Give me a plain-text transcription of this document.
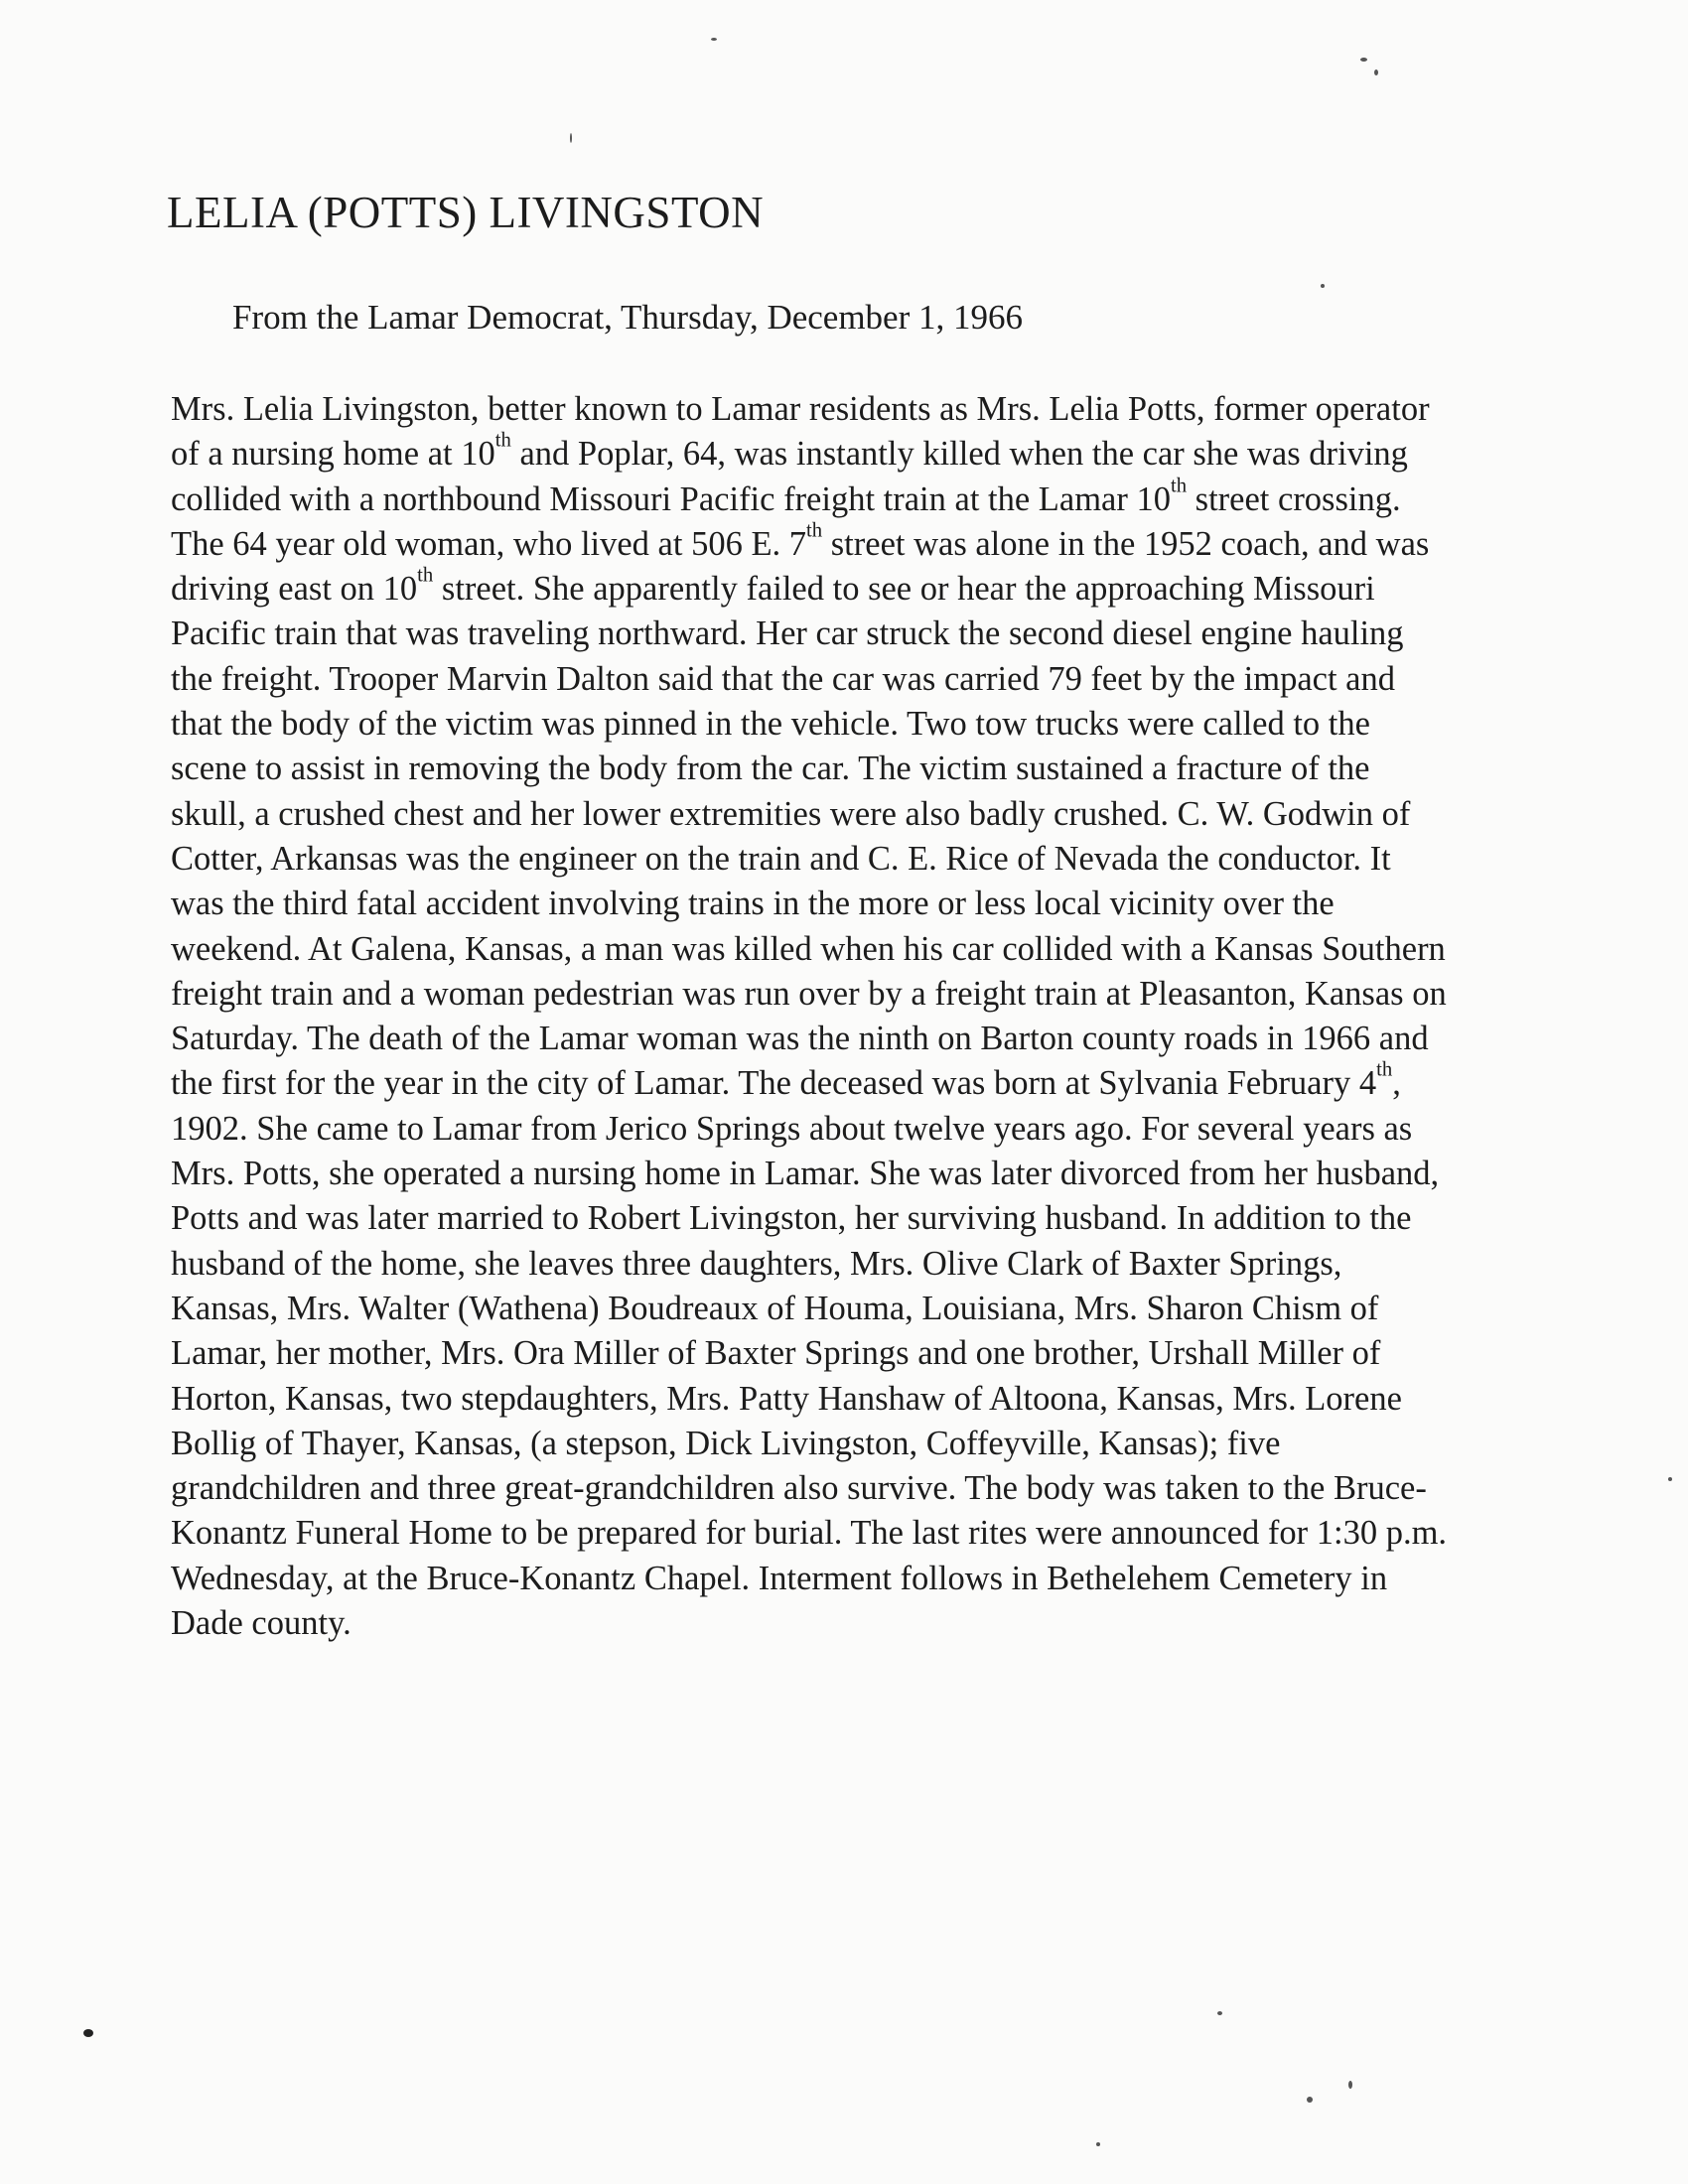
LELIA (POTTS) LIVINGSTON

From the Lamar Democrat, Thursday, December 1, 1966

Mrs. Lelia Livingston, better known to Lamar residents as Mrs. Lelia Potts, former operator
of a nursing home at 10th and Poplar, 64, was instantly killed when the car she was driving
collided with a northbound Missouri Pacific freight train at the Lamar 10th street crossing.
The 64 year old woman, who lived at 506 E. 7th street was alone in the 1952 coach, and was
driving east on 10th street. She apparently failed to see or hear the approaching Missouri
Pacific train that was traveling northward. Her car struck the second diesel engine hauling
the freight. Trooper Marvin Dalton said that the car was carried 79 feet by the impact and
that the body of the victim was pinned in the vehicle. Two tow trucks were called to the
scene to assist in removing the body from the car. The victim sustained a fracture of the
skull, a crushed chest and her lower extremities were also badly crushed. C. W. Godwin of
Cotter, Arkansas was the engineer on the train and C. E. Rice of Nevada the conductor. It
was the third fatal accident involving trains in the more or less local vicinity over the
weekend. At Galena, Kansas, a man was killed when his car collided with a Kansas Southern
freight train and a woman pedestrian was run over by a freight train at Pleasanton, Kansas on
Saturday. The death of the Lamar woman was the ninth on Barton county roads in 1966 and
the first for the year in the city of Lamar. The deceased was born at Sylvania February 4th,
1902. She came to Lamar from Jerico Springs about twelve years ago. For several years as
Mrs. Potts, she operated a nursing home in Lamar. She was later divorced from her husband,
Potts and was later married to Robert Livingston, her surviving husband. In addition to the
husband of the home, she leaves three daughters, Mrs. Olive Clark of Baxter Springs,
Kansas, Mrs. Walter (Wathena) Boudreaux of Houma, Louisiana, Mrs. Sharon Chism of
Lamar, her mother, Mrs. Ora Miller of Baxter Springs and one brother, Urshall Miller of
Horton, Kansas, two stepdaughters, Mrs. Patty Hanshaw of Altoona, Kansas, Mrs. Lorene
Bollig of Thayer, Kansas, (a stepson, Dick Livingston, Coffeyville, Kansas); five
grandchildren and three great-grandchildren also survive. The body was taken to the Bruce-
Konantz Funeral Home to be prepared for burial. The last rites were announced for 1:30 p.m.
Wednesday, at the Bruce-Konantz Chapel. Interment follows in Bethelehem Cemetery in
Dade county.
